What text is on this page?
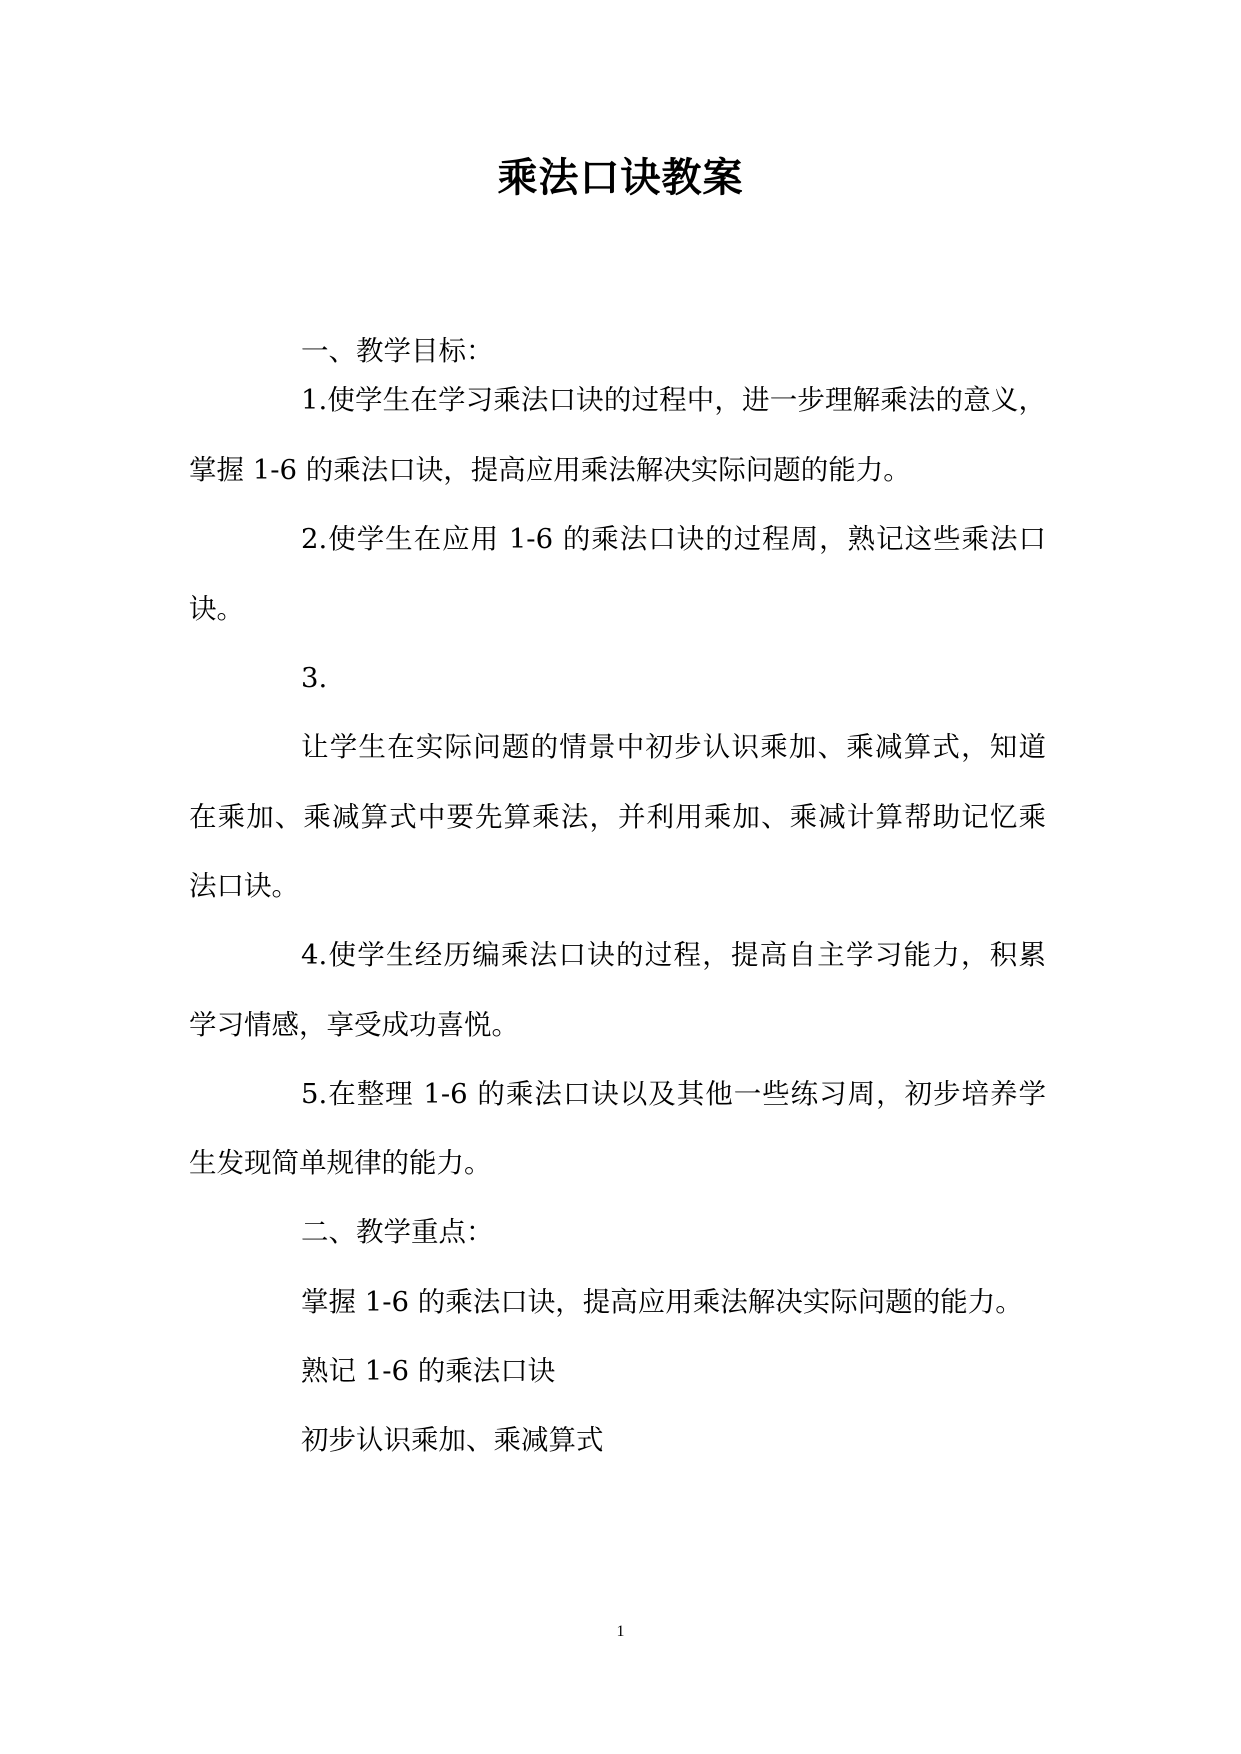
乘法口诀教案
一、教学目标：
1.使学生在学习乘法口诀的过程中，进一步理解乘法的意义，
掌握 1-6 的乘法口诀，提高应用乘法解决实际问题的能力。
2.使学生在应用 1-6 的乘法口诀的过程周，熟记这些乘法口
诀。
3.
让学生在实际问题的情景中初步认识乘加、乘减算式，知道
在乘加、乘减算式中要先算乘法，并利用乘加、乘减计算帮助记忆乘
法口诀。
4.使学生经历编乘法口诀的过程，提高自主学习能力，积累
学习情感，享受成功喜悦。
5.在整理 1-6 的乘法口诀以及其他一些练习周，初步培养学
生发现简单规律的能力。
二、教学重点：
掌握 1-6 的乘法口诀，提高应用乘法解决实际问题的能力。
熟记 1-6 的乘法口诀
初步认识乘加、乘减算式
1
